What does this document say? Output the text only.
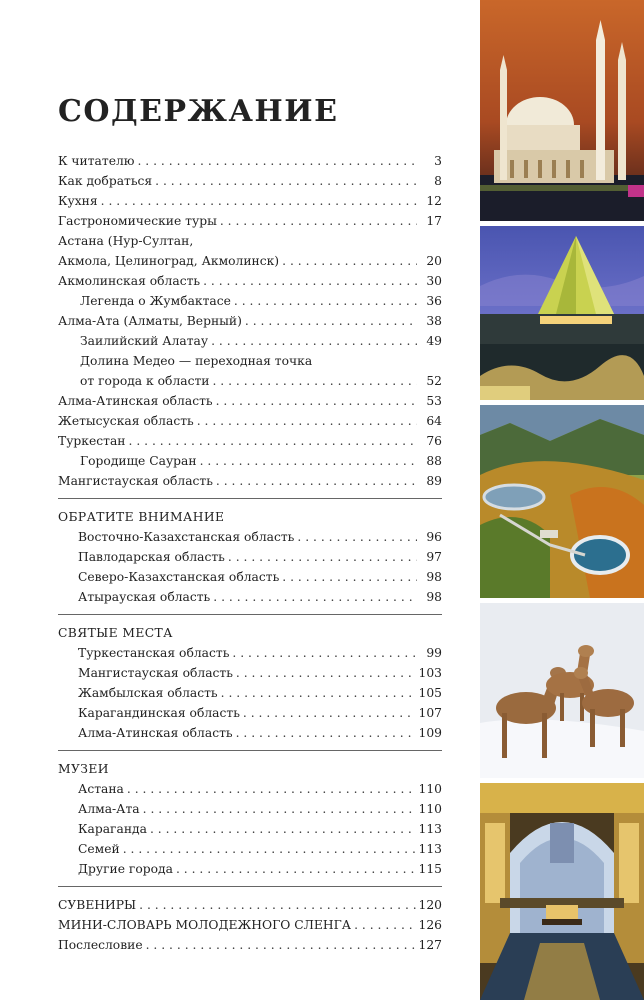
СОДЕРЖАНИЕ
К читателю . . .	3
Как добраться . . .	8
Кухня . . .	12
Гастрономические туры . . .	17
Астана (Нур-Султан,
Акмола, Целиноград, Акмолинск) . . .	20
Акмолинская область . . .	30
Легенда о Жумбактасе . . .	36
Алма-Ата (Алматы, Верный) . . .	38
Заилийский Алатау . . .	49
Долина Медео — переходная точка
от города к области . . .	52
Алма-Атинская область . . .	53
Жетысуская область . . .	64
Туркестан . . .	76
Городище Сауран . . .	88
Мангистауская область . . .	89
ОБРАТИТЕ ВНИМАНИЕ
Восточно-Казахстанская область . . .	96
Павлодарская область . . .	97
Северо-Казахстанская область . . .	98
Атырауская область . . .	98
СВЯТЫЕ МЕСТА
Туркестанская область . . .	99
Мангистауская область . . .	103
Жамбылская область . . .	105
Карагандинская область . . .	107
Алма-Атинская область . . .	109
МУЗЕИ
Астана . . .	110
Алма-Ата . . .	110
Караганда . . .	113
Семей . . .	113
Другие города . . .	115
СУВЕНИРЫ . . .	120
МИНИ-СЛОВАРЬ МОЛОДЕЖНОГО СЛЕНГА . . .	126
Послесловие . . .	127
